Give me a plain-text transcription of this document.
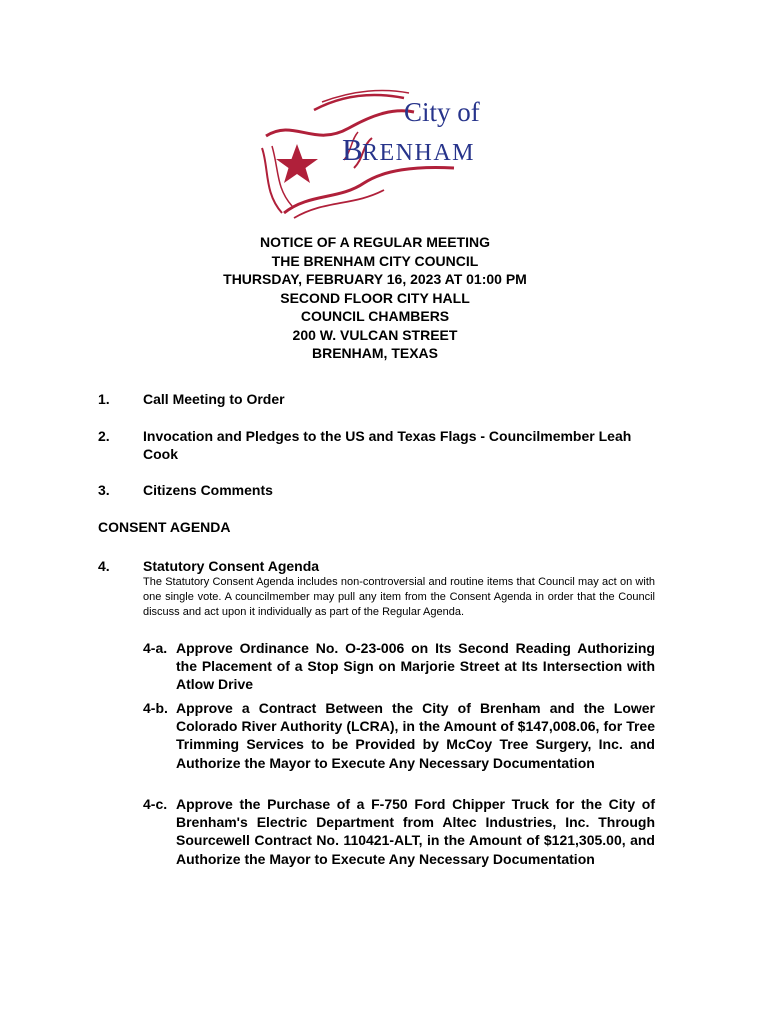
City of
B
RENHAM
NOTICE OF A REGULAR MEETING
THE BRENHAM CITY COUNCIL
THURSDAY, FEBRUARY 16, 2023 AT 01:00 PM
SECOND FLOOR CITY HALL
COUNCIL CHAMBERS
200 W. VULCAN STREET
BRENHAM, TEXAS
1. Call Meeting to Order
2. Invocation and Pledges to the US and Texas Flags - Councilmember Leah Cook
3. Citizens Comments
CONSENT AGENDA
4. Statutory Consent Agenda
The Statutory Consent Agenda includes non-controversial and routine items that Council may act on with one single vote. A councilmember may pull any item from the Consent Agenda in order that the Council discuss and act upon it individually as part of the Regular Agenda.
4-a. Approve Ordinance No. O-23-006 on Its Second Reading Authorizing the Placement of a Stop Sign on Marjorie Street at Its Intersection with Atlow Drive
4-b. Approve a Contract Between the City of Brenham and the Lower Colorado River Authority (LCRA), in the Amount of $147,008.06, for Tree Trimming Services to be Provided by McCoy Tree Surgery, Inc. and Authorize the Mayor to Execute Any Necessary Documentation
4-c. Approve the Purchase of a F-750 Ford Chipper Truck for the City of Brenham's Electric Department from Altec Industries, Inc. Through Sourcewell Contract No. 110421-ALT, in the Amount of $121,305.00, and Authorize the Mayor to Execute Any Necessary Documentation
